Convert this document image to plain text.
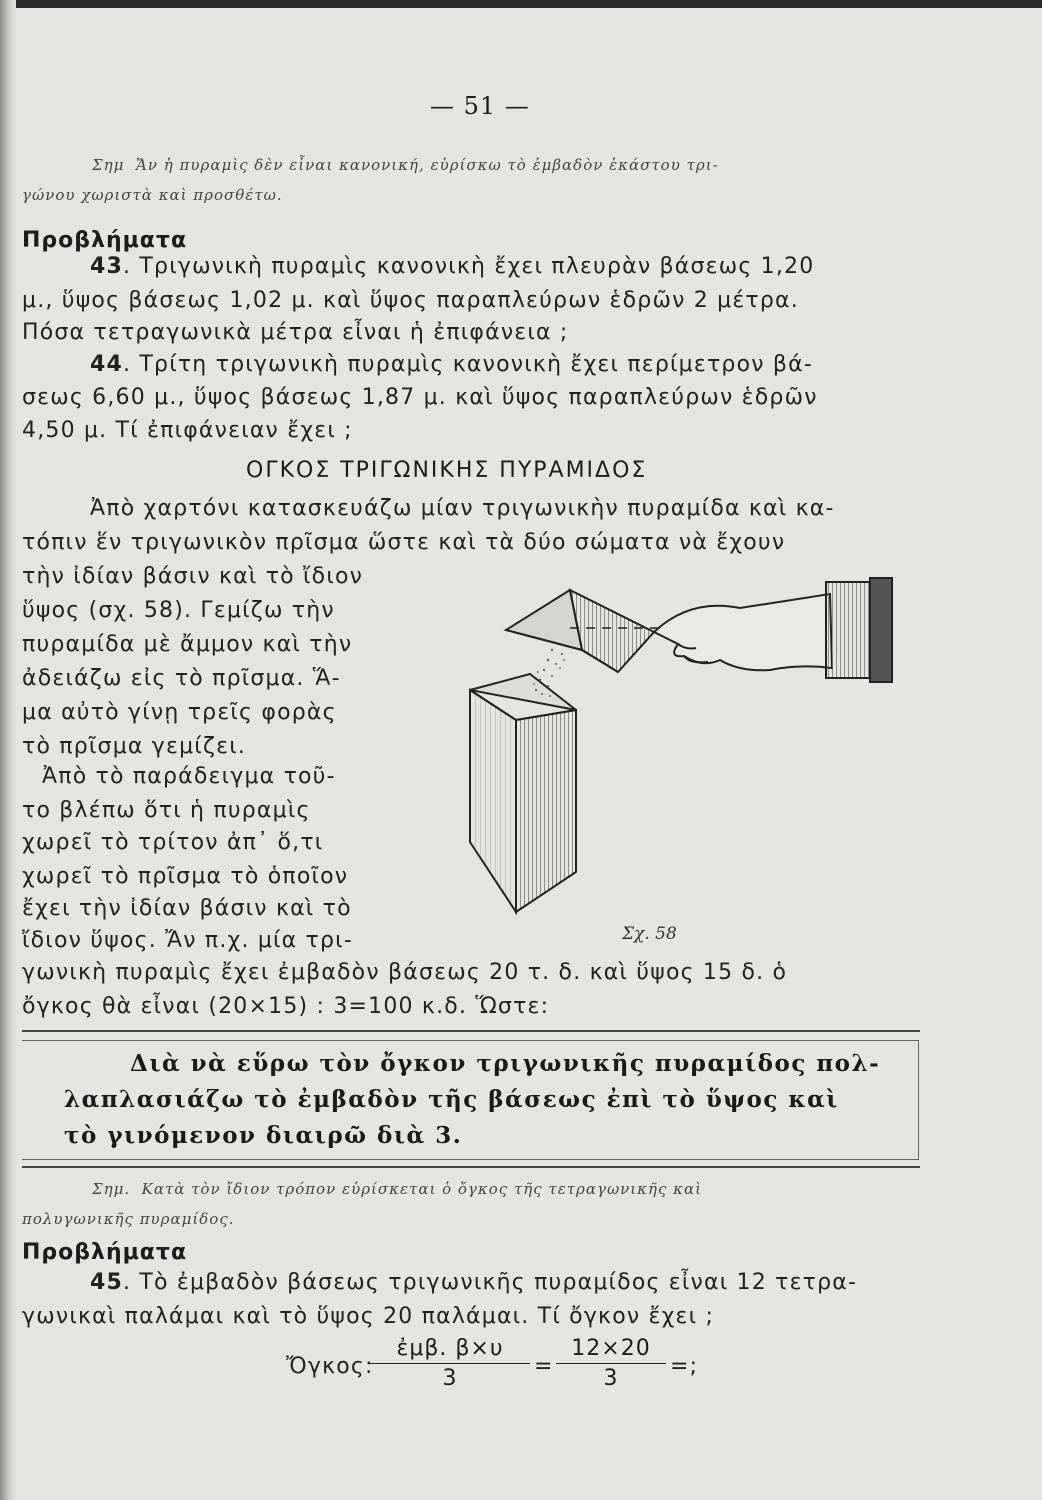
— 51 —
Σημ Ἄν ἡ πυραμὶς δὲν εἶναι κανονική, εὑρίσκω τὸ ἐμβαδὸν ἑκάστου τρι-
γώνου χωριστὰ καὶ προσθέτω.
Προβλήματα
43. Τριγωνικὴ πυραμὶς κανονικὴ ἔχει πλευρὰν βάσεως 1,20
μ., ὕψος βάσεως 1,02 μ. καὶ ὕψος παραπλεύρων ἑδρῶν 2 μέτρα.
Πόσα τετραγωνικὰ μέτρα εἶναι ἡ ἐπιφάνεια ;
44. Τρίτη τριγωνικὴ πυραμὶς κανονικὴ ἔχει περίμετρον βά-
σεως 6,60 μ., ὕψος βάσεως 1,87 μ. καὶ ὕψος παραπλεύρων ἑδρῶν
4,50 μ. Τί ἐπιφάνειαν ἔχει ;
ΟΓΚΟΣ ΤΡΙΓΩΝΙΚΗΣ ΠΥΡΑΜΙΔΟΣ
Ἀπὸ χαρτόνι κατασκευάζω μίαν τριγωνικὴν πυραμίδα καὶ κα-
τόπιν ἕν τριγωνικὸν πρῖσμα ὥστε καὶ τὰ δύο σώματα νὰ ἔχουν
τὴν ἰδίαν βάσιν καὶ τὸ ἴδιον
ὕψος (σχ. 58). Γεμίζω τὴν
πυραμίδα μὲ ἄμμον καὶ τὴν
ἀδειάζω εἰς τὸ πρῖσμα. Ἅ-
μα αὐτὸ γίνῃ τρεῖς φορὰς
τὸ πρῖσμα γεμίζει.
Ἀπὸ τὸ παράδειγμα τοῦ-
το βλέπω ὅτι ἡ πυραμὶς
χωρεῖ τὸ τρίτον ἀπ᾿ ὅ,τι
χωρεῖ τὸ πρῖσμα τὸ ὁποῖον
ἔχει τὴν ἰδίαν βάσιν καὶ τὸ
ἴδιον ὕψος. Ἄν π.χ. μία τρι-
γωνικὴ πυραμὶς ἔχει ἐμβαδὸν βάσεως 20 τ. δ. καὶ ὕψος 15 δ. ὁ
ὄγκος θὰ εἶναι (20×15) : 3=100 κ.δ. Ὥστε:
Σχ. 58
Διὰ νὰ εὕρω τὸν ὄγκον τριγωνικῆς πυραμίδος πολ-
λαπλασιάζω τὸ ἐμβαδὸν τῆς βάσεως ἐπὶ τὸ ὕψος καὶ
τὸ γινόμενον διαιρῶ διὰ 3.
Σημ. Κατὰ τὸν ἴδιον τρόπον εὑρίσκεται ὁ ὄγκος τῆς τετραγωνικῆς καὶ
πολυγωνικῆς πυραμίδος.
Προβλήματα
45. Τὸ ἐμβαδὸν βάσεως τριγωνικῆς πυραμίδος εἶναι 12 τετρα-
γωνικαὶ παλάμαι καὶ τὸ ὕψος 20 παλάμαι. Τί ὄγκον ἔχει ;
Ὄγκος:
ἐμβ. β×υ
3	=
12×20
3	=;
